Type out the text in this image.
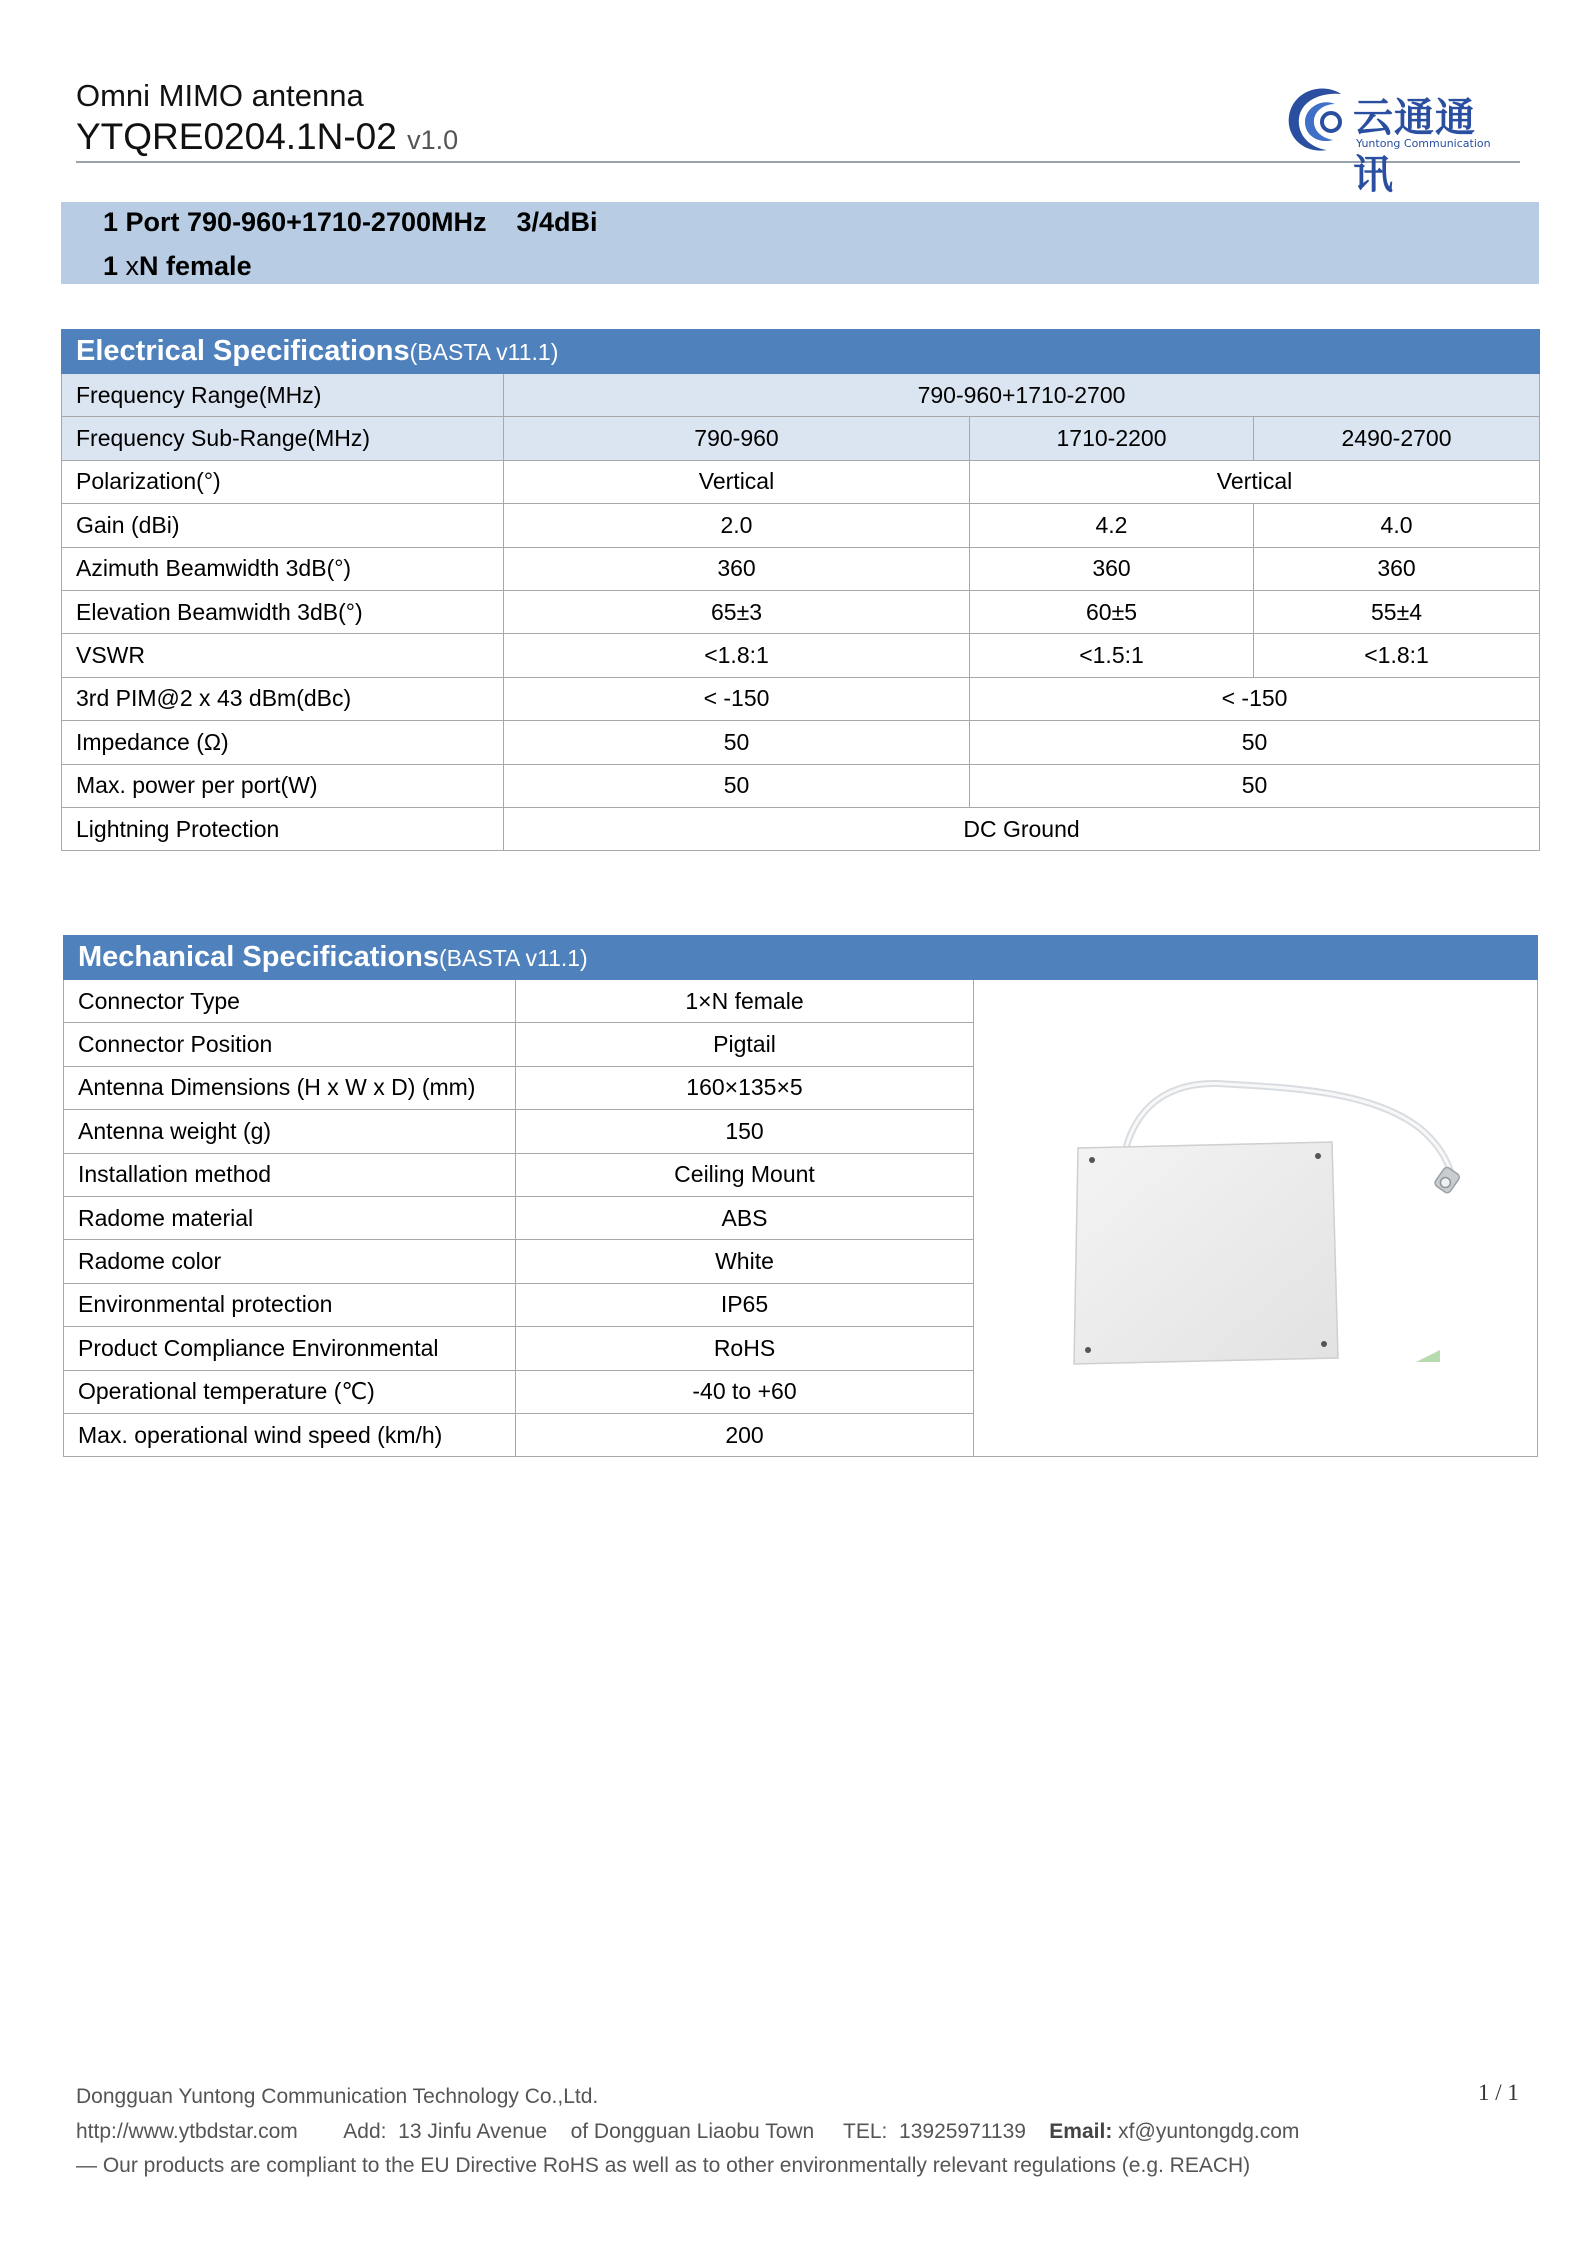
Omni MIMO antenna
YTQRE0204.1N-02 v1.0	云通通讯
Yuntong Communication
1 Port 790-960+1710-2700MHz    3/4dBi
1 xN female
Electrical Specifications(BASTA v11.1)			
Frequency Range(MHz)	790-960+1710-2700		
Frequency Sub-Range(MHz)	790-960	1710-2200	2490-2700
Polarization(°)	Vertical	Vertical	
Gain (dBi)	2.0	4.2	4.0
Azimuth Beamwidth 3dB(°)	360	360	360
Elevation Beamwidth 3dB(°)	65±3	60±5	55±4
VSWR	<1.8:1	<1.5:1	<1.8:1
3rd PIM@2 x 43 dBm(dBc)	< -150	< -150	
Impedance (Ω)	50	50	
Max. power per port(W)	50	50	
Lightning Protection	DC Ground		
Mechanical Specifications(BASTA v11.1)		
Connector Type	1×N female	

Connector Position	Pigtail	
Antenna Dimensions (H x W x D) (mm)	160×135×5	
Antenna weight (g)	150	
Installation method	Ceiling Mount	
Radome material	ABS	
Radome color	White	
Environmental protection	IP65	
Product Compliance Environmental	RoHS	
Operational temperature (℃)	-40 to +60	
Max. operational wind speed (km/h)	200	
Dongguan Yuntong Communication Technology Co.,Ltd.
http://www.ytbdstar.com Add:  13 Jinfu Avenue    of Dongguan Liaobu Town TEL:  13925971139 Email: xf@yuntongdg.com
— Our products are compliant to the EU Directive RoHS as well as to other environmentally relevant regulations (e.g. REACH)
1 / 1
